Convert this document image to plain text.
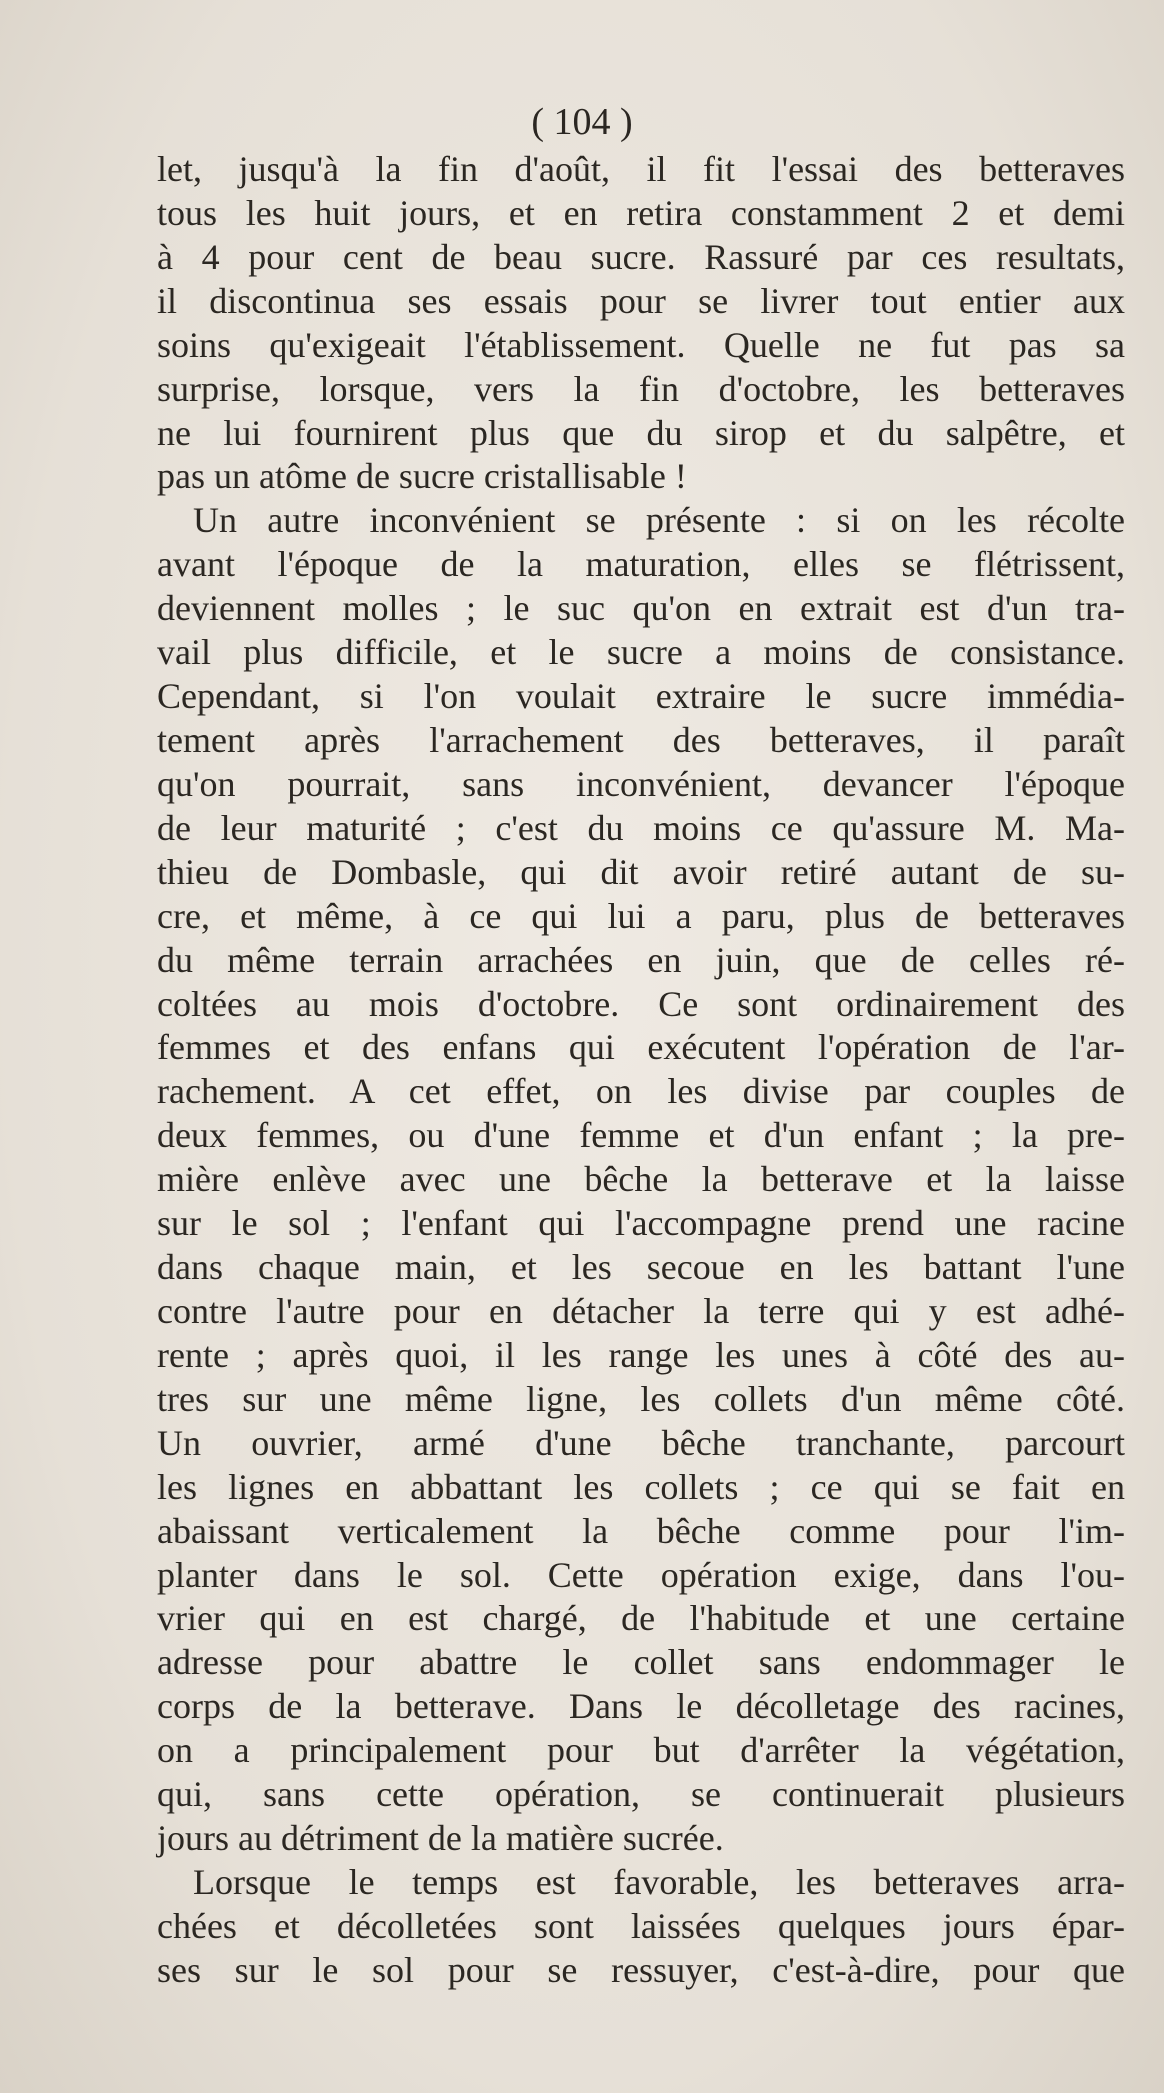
( 104 )
let, jusqu'à la fin d'août, il fit l'essai des betteraves
tous les huit jours, et en retira constamment 2 et demi
à 4 pour cent de beau sucre. Rassuré par ces resultats,
il discontinua ses essais pour se livrer tout entier aux
soins qu'exigeait l'établissement. Quelle ne fut pas sa
surprise, lorsque, vers la fin d'octobre, les betteraves
ne lui fournirent plus que du sirop et du salpêtre, et
pas un atôme de sucre cristallisable !
Un autre inconvénient se présente : si on les récolte
avant l'époque de la maturation, elles se flétrissent,
deviennent molles ; le suc qu'on en extrait est d'un tra-
vail plus difficile, et le sucre a moins de consistance.
Cependant, si l'on voulait extraire le sucre immédia-
tement après l'arrachement des betteraves, il paraît
qu'on pourrait, sans inconvénient, devancer l'époque
de leur maturité ; c'est du moins ce qu'assure M. Ma-
thieu de Dombasle, qui dit avoir retiré autant de su-
cre, et même, à ce qui lui a paru, plus de betteraves
du même terrain arrachées en juin, que de celles ré-
coltées au mois d'octobre. Ce sont ordinairement des
femmes et des enfans qui exécutent l'opération de l'ar-
rachement. A cet effet, on les divise par couples de
deux femmes, ou d'une femme et d'un enfant ; la pre-
mière enlève avec une bêche la betterave et la laisse
sur le sol ; l'enfant qui l'accompagne prend une racine
dans chaque main, et les secoue en les battant l'une
contre l'autre pour en détacher la terre qui y est adhé-
rente ; après quoi, il les range les unes à côté des au-
tres sur une même ligne, les collets d'un même côté.
Un ouvrier, armé d'une bêche tranchante, parcourt
les lignes en abbattant les collets ; ce qui se fait en
abaissant verticalement la bêche comme pour l'im-
planter dans le sol. Cette opération exige, dans l'ou-
vrier qui en est chargé, de l'habitude et une certaine
adresse pour abattre le collet sans endommager le
corps de la betterave. Dans le décolletage des racines,
on a principalement pour but d'arrêter la végétation,
qui, sans cette opération, se continuerait plusieurs
jours au détriment de la matière sucrée.
Lorsque le temps est favorable, les betteraves arra-
chées et décolletées sont laissées quelques jours épar-
ses sur le sol pour se ressuyer, c'est-à-dire, pour que
